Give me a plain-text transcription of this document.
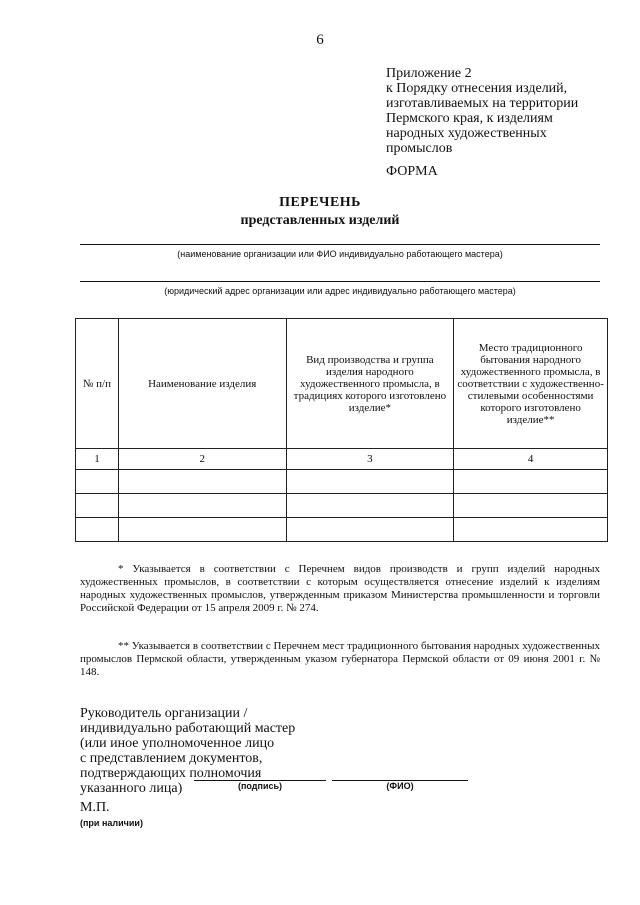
6
Приложение 2
к Порядку отнесения изделий,
изготавливаемых на территории
Пермского края, к изделиям
народных художественных
промыслов
ФОРМА
ПЕРЕЧЕНЬ
представленных изделий
(наименование организации или ФИО индивидуально работающего мастера)
(юридический адрес организации или адрес индивидуально работающего мастера)
№ п/п	Наименование изделия	Вид производства и группа изделия народного художественного промысла, в традициях которого изготовлено изделие*	Место традиционного бытования народного художественного промысла, в соответствии с художественно-стилевыми особенностями которого изготовлено изделие**
1	2	3	4

* Указывается в соответствии с Перечнем видов производств и групп изделий народных художественных промыслов, в соответствии с которым осуществляется отнесение изделий к изделиям народных художественных промыслов, утвержденным приказом Министерства промышленности и торговли Российской Федерации от 15 апреля 2009 г. № 274.
** Указывается в соответствии с Перечнем мест традиционного бытования народных художественных промыслов Пермской области, утвержденным указом губернатора Пермской области от 09 июня 2001 г. № 148.
Руководитель организации /
индивидуально работающий мастер
(или иное уполномоченное лицо
с представлением документов,
подтверждающих полномочия
указанного лица)	(подпись)	(ФИО)
М.П.
(при наличии)
